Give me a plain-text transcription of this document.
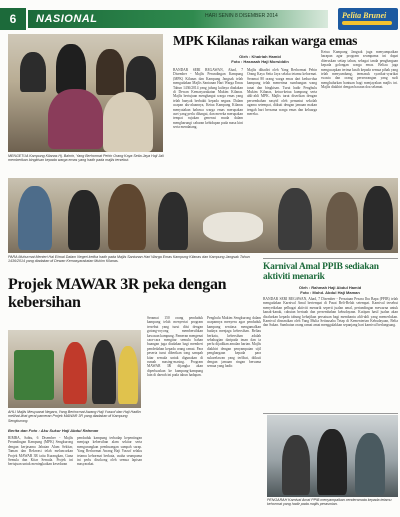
6	NASIONAL	HARI SENIN 8 DISEMBER 2014	Pelita Brunei
MENGETUA Kampung Kilanas Hj. Bahrin, Yang Berhormat Pehin Orang Kaya Setia Jaya Haji Jali memberikan bingkisan kepada warga emas yang hadir pada majlis tersebut.
MPK Kilanas raikan warga emas
Oleh : Khairiah Hamid
Foto : Hasnaah Haji Morsiddin
BANDAR SERI BEGAWAN, Ahad, 7 Disember - Majlis Perundingan Kampung (MPK) Kilanas dan Kampung Jangsak telah mengadakan Majlis Santunan Hari Warga Emas Tahun 1436/2014 yang julung kalinya diadakan di Dewan Kemasyarakatan Mukim Kilanas. Majlis bertujuan menghargai warga emas yang telah banyak berbakti kepada negara. Dalam ucapan alu-aluannya, Ketua Kampung Kilanas menyatakan bahawa warga emas merupakan aset yang perlu dihargai, dan mereka merupakan tempat rujukan generasi muda dalam mengharungi cabaran kehidupan pada masa kini serta mendatang.
Majlis dihadiri oleh Yang Berhormat Pehin Orang Kaya Setia Jaya selaku tetamu kehormat. Seramai 80 orang warga emas dari kedua-dua kampung telah menerima sumbangan wang tunai dan bingkisan. Turut hadir Penghulu Mukim Kilanas, ketua-ketua kampung serta ahli-ahli MPK. Majlis turut diserikan dengan persembahan nasyid oleh penuntut sekolah ugama setempat, diikuti dengan jamuan makan tengah hari bersama warga emas dan keluarga mereka.
Ketua Kampung Jangsak juga menyampaikan harapan agar program seumpama ini dapat diteruskan setiap tahun, sebagai tanda penghargaan kepada golongan warga emas. Beliau juga mengucapkan terima kasih kepada semua pihak yang telah menyumbang, termasuk syarikat-syarikat swasta dan orang perseorangan yang sudi menghulurkan bantuan bagi menjayakan majlis ini. Majlis diakhiri dengan bacaan doa selamat.
PARA Muhurmat Menteri Hal Ehwal Dalam Negeri ketika hadir pada Majlis Santunan Hari Warga Emas Kampung Kilanas dan Kampung Jangsak Tahun 1436/2014 yang diadakan di Dewan Kemasyarakatan Mukim Kilanas.
Karnival Amal PPIB sediakan aktiviti menarik
Oleh : Rahmah Haji Abdul Hamid
Foto : Mohd. Abdul Haji Maman
BANDAR SERI BEGAWAN, Ahad, 7 Disember - Persatuan Pesara Ibu Bapa (PPIB) telah mengadakan Karnival Amal bertempat di Pusat Beli-Belah setempat. Karnival tersebut menyediakan pelbagai aktiviti menarik seperti jualan amal, pertandingan mewarna untuk kanak-kanak, cabutan bertuah dan persembahan kebudayaan. Kutipan hasil jualan akan disalurkan kepada tabung kebajikan persatuan bagi membantu ahli-ahli yang memerlukan. Karnival dirasmikan oleh Yang Mulia Setiausaha Tetap di Kementerian Kebudayaan, Belia dan Sukan. Sambutan orang ramai amat menggalakkan sepanjang hari karnival berlangsung.
PENGARAH Karnival Amal PPIB menyampaikan cenderamata kepada tetamu kehormat yang hadir pada majlis perasmian.
Projek MAWAR 3R peka dengan kebersihan
AHLI Majlis Mesyuarat Negara, Yang Berhormat Awang Haji Yussof dan Haji Hadlin melihat-lihat gerai pameran Projek MAWAR 3R yang diadakan di Kampung Sengkurong.
Berita dan Foto : Aku Sukur Haji Abdul Rahman
RIMBA, Sabtu, 6 Disember - Majlis Perundingan Kampung (MPK) Sengkurong dengan kerjasama Jabatan Alam Sekitar, Taman dan Rekreasi telah melancarkan Projek MAWAR 3R iaitu Kurangkan, Guna Semula dan Kitar Semula. Projek ini bertujuan untuk meningkatkan kesedaran
penduduk kampung terhadap kepentingan menjaga kebersihan alam sekitar serta mengurangkan pembuangan sampah sarap. Yang Berhormat Awang Haji Yussof selaku tetamu kehormat berkata, usaha seumpama ini perlu disokong oleh semua lapisan masyarakat.
Seramai 150 orang penduduk kampung telah menyertai program tersebut yang turut diisi dengan gotong-royong membersihkan kawasan kampung. Pameran mengenai cara-cara mengitar semula bahan buangan juga diadakan bagi memberi pendedahan kepada orang ramai. Para peserta turut diberikan tong sampah kitar semula untuk digunakan di rumah masing-masing. Program MAWAR 3R dijangka akan diperluaskan ke kampung-kampung lain di daerah ini pada tahun hadapan.
Penghulu Mukim Sengkurong dalam ucapannya menyeru agar penduduk kampung sentiasa mengamalkan budaya menjaga kebersihan. Beliau berkata, kebersihan adalah sebahagian daripada iman dan ia perlu dijadikan amalan harian. Majlis diakhiri dengan penyampaian sijil penghargaan kepada para sukarelawan yang terlibat, diikuti dengan jamuan ringan bersama semua yang hadir.
